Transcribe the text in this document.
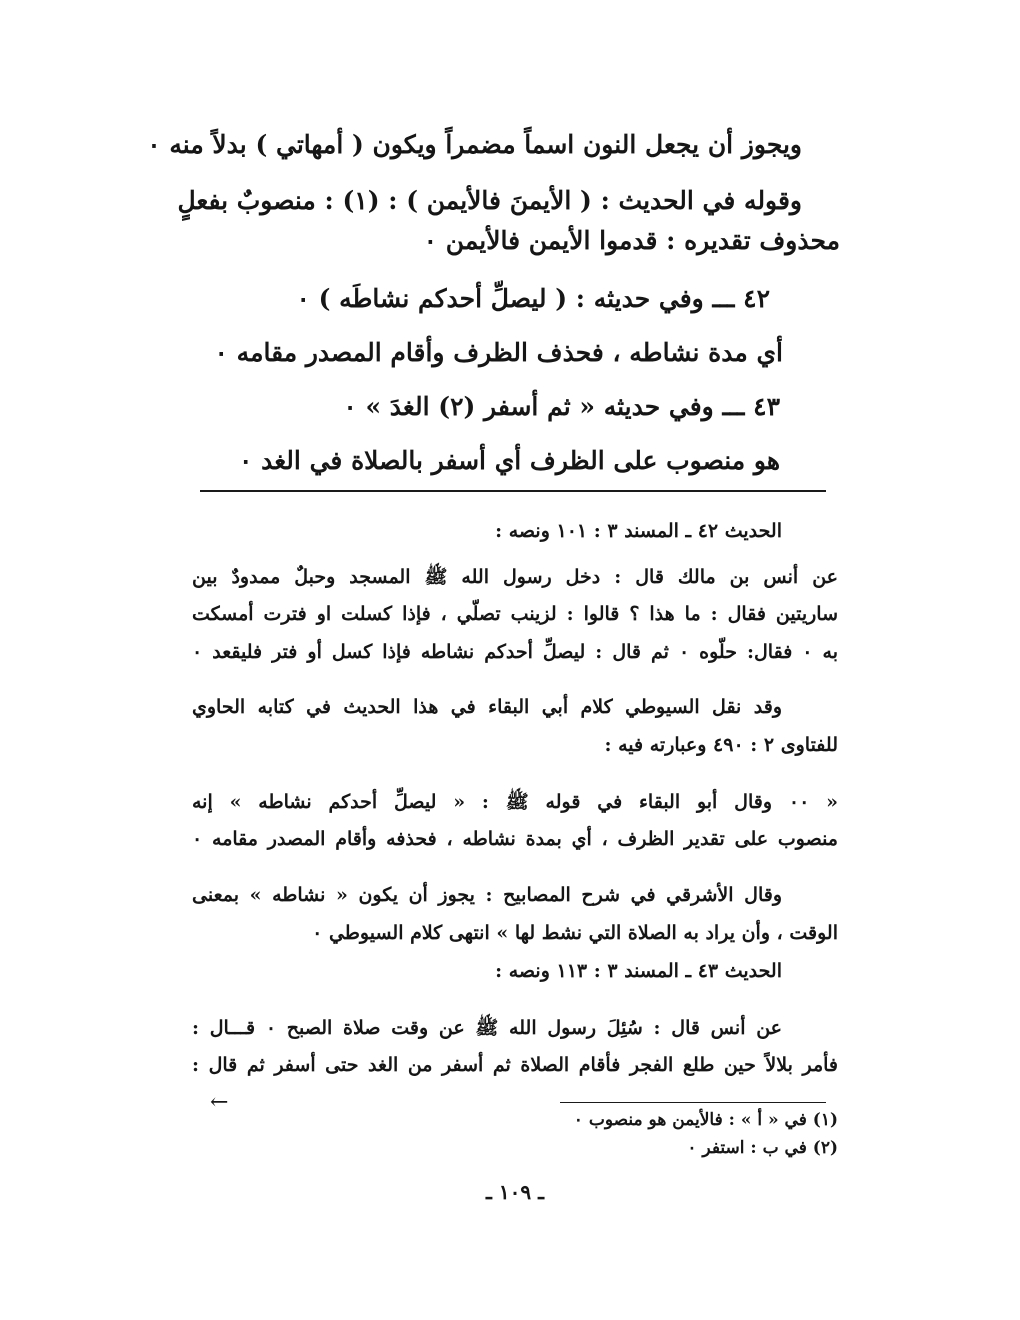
ويجوز أن يجعل النون اسماً مضمراً ويكون ( أمهاتي ) بدلاً منه ٠
وقوله في الحديث : ( الأيمنَ فالأيمن ) : (١) : منصوبٌ بفعلٍ
محذوف تقديره : قدموا الأيمن فالأيمن ٠
٤٢ ـــ وفي حديثه : ( ليصلِّ أحدكم نشاطَه ) ٠
أي مدة نشاطه ، فحذف الظرف وأقام المصدر مقامه ٠
٤٣ ـــ وفي حديثه « ثم أسفر (٢) الغدَ » ٠
هو منصوب على الظرف أي أسفر بالصلاة في الغد ٠
الحديث ٤٢ ـ المسند ٣ : ١٠١ ونصه :
عن أنس بن مالك قال : دخل رسول الله ﷺ المسجد وحبلٌ ممدودٌ بين
ساريتين فقال : ما هذا ؟ قالوا : لزينب تصلّي ، فإذا كسلت او فترت أمسكت
به ٠ فقال: حلّوه ٠ ثم قال : ليصلِّ أحدكم نشاطه فإذا كسل أو فتر فليقعد ٠
وقد نقل السيوطي كلام أبي البقاء في هذا الحديث في كتابه الحاوي
للفتاوى ٢ : ٤٩٠ وعبارته فيه :
« ٠٠ وقال أبو البقاء في قوله ﷺ : « ليصلِّ أحدكم نشاطه » إنه
منصوب على تقدير الظرف ، أي بمدة نشاطه ، فحذفه وأقام المصدر مقامه ٠
وقال الأشرقي في شرح المصابيح : يجوز أن يكون « نشاطه » بمعنى
الوقت ، وأن يراد به الصلاة التي نشط لها » انتهى كلام السيوطي ٠
الحديث ٤٣ ـ المسند ٣ : ١١٣ ونصه :
عن أنس قال : سُئِلَ رسول الله ﷺ عن وقت صلاة الصبح ٠ قـــال :
فأمر بلالاً حين طلع الفجر فأقام الصلاة ثم أسفر من الغد حتى أسفر ثم قال :
←
(١) في « أ » : فالأيمن هو منصوب ٠
(٢) في ب : استفر ٠
ـ ١٠٩ ـ
